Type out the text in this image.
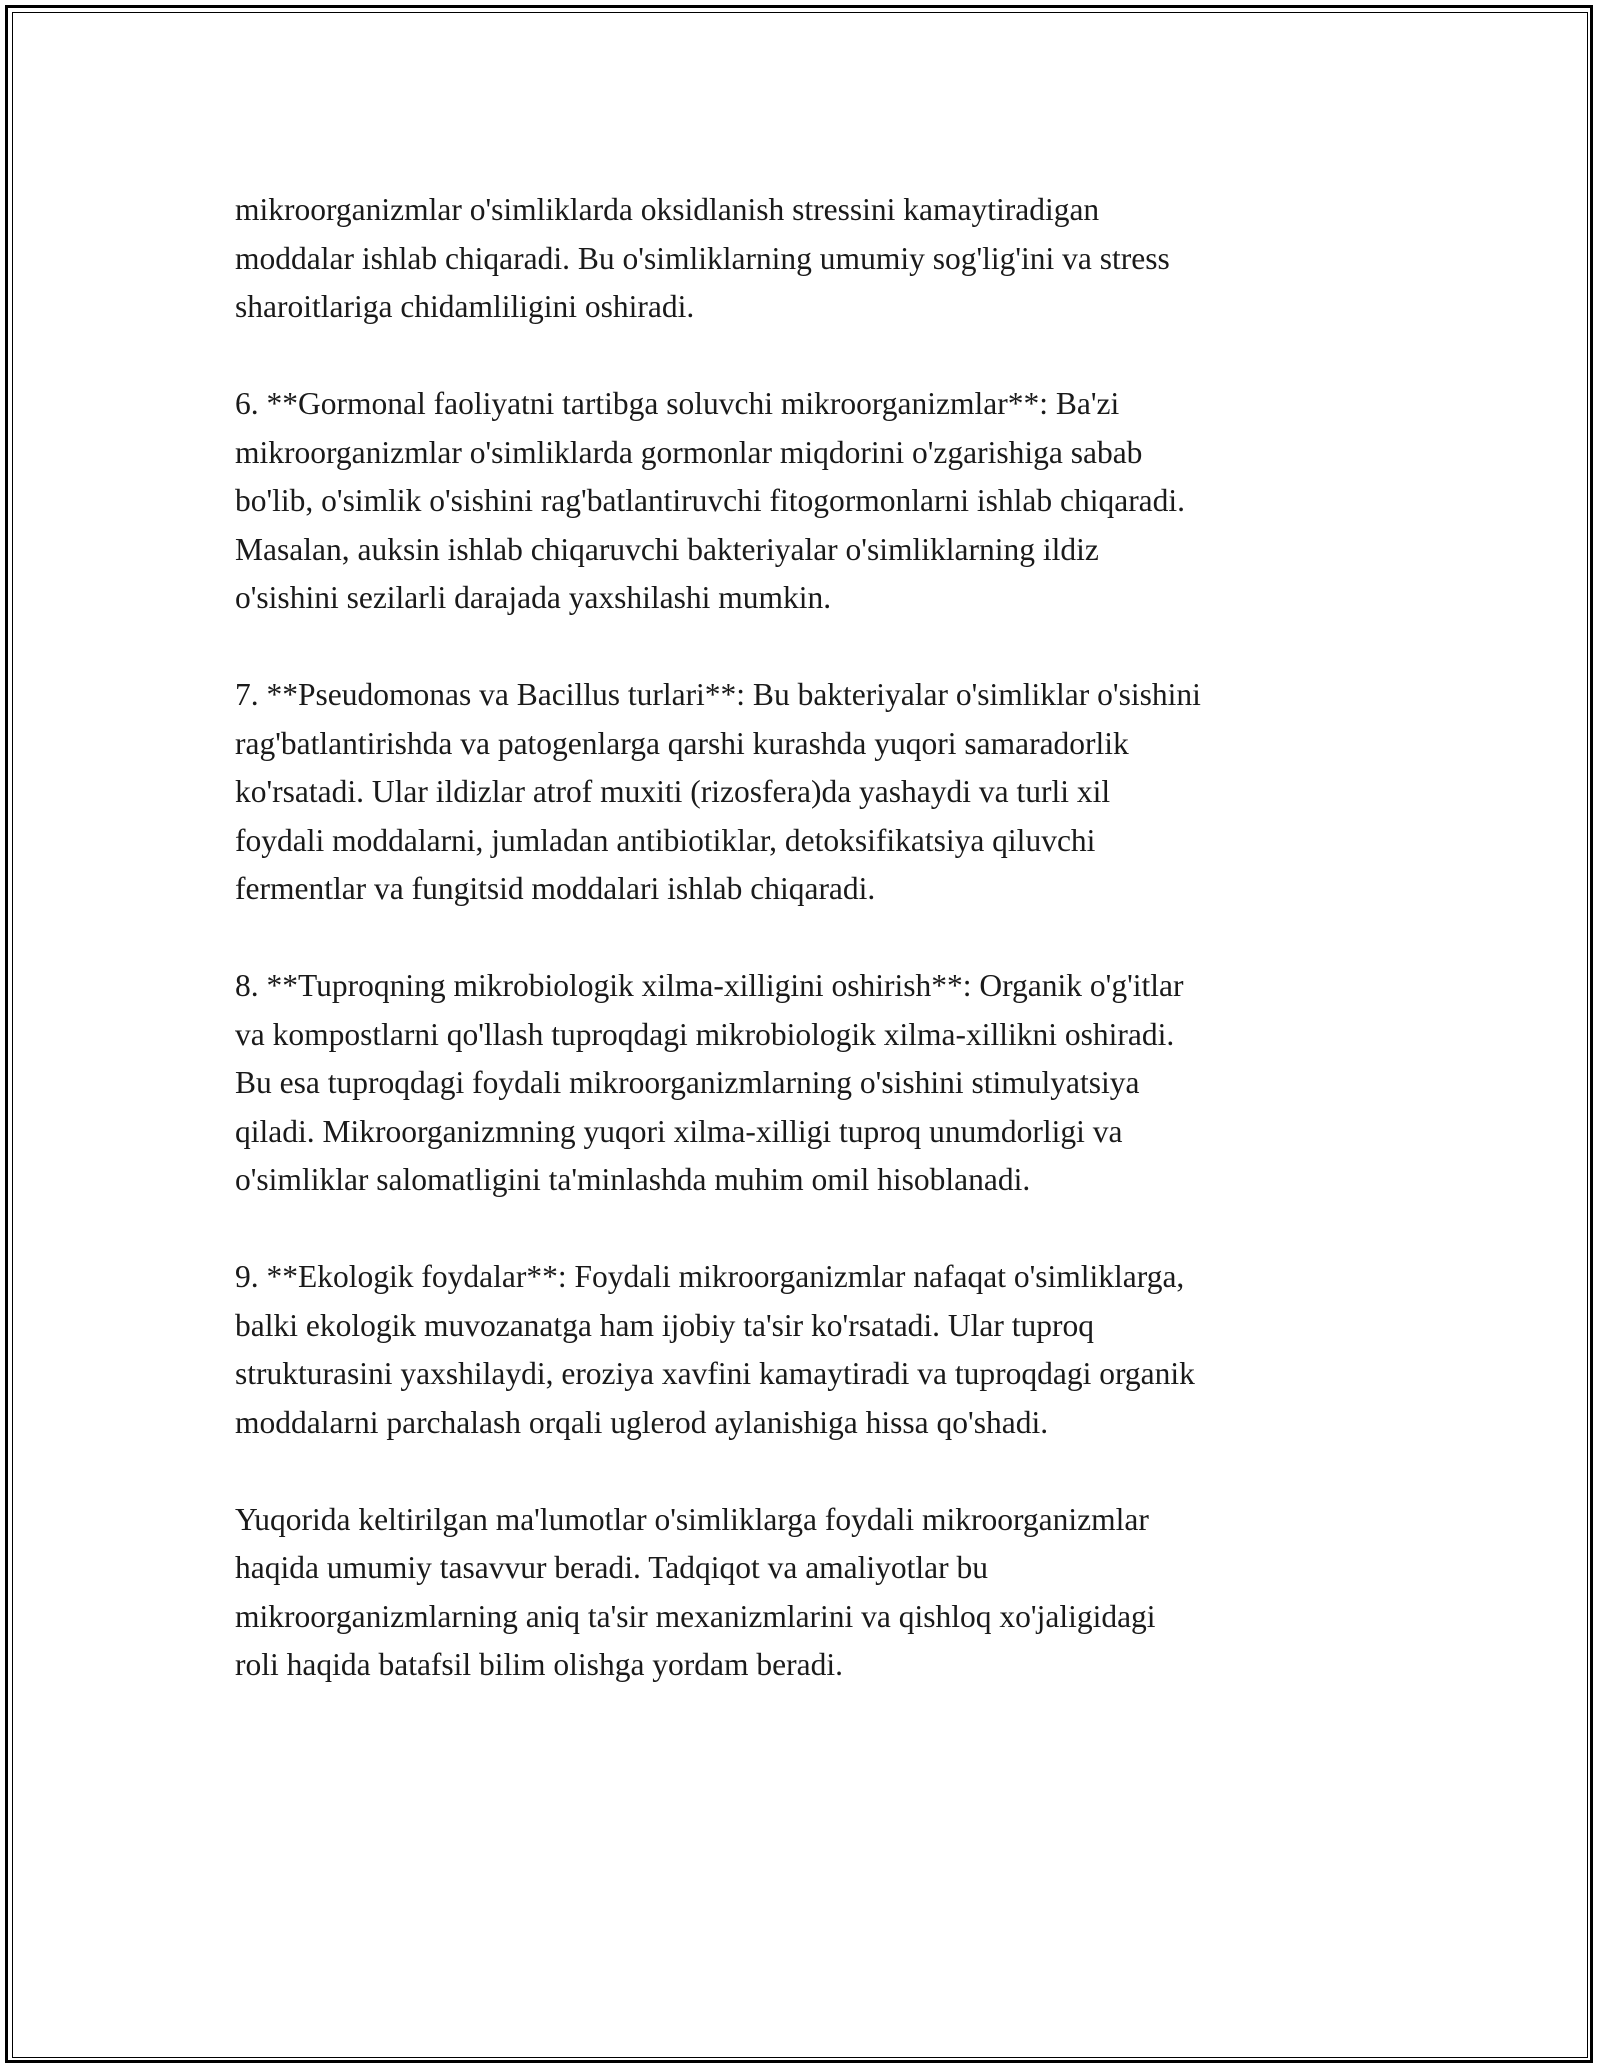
mikroorganizmlar o'simliklarda oksidlanish stressini kamaytiradigan
moddalar ishlab chiqaradi. Bu o'simliklarning umumiy sog'lig'ini va stress
sharoitlariga chidamliligini oshiradi.

6. **Gormonal faoliyatni tartibga soluvchi mikroorganizmlar**: Ba'zi
mikroorganizmlar o'simliklarda gormonlar miqdorini o'zgarishiga sabab
bo'lib, o'simlik o'sishini rag'batlantiruvchi fitogormonlarni ishlab chiqaradi.
Masalan, auksin ishlab chiqaruvchi bakteriyalar o'simliklarning ildiz
o'sishini sezilarli darajada yaxshilashi mumkin.

7. **Pseudomonas va Bacillus turlari**: Bu bakteriyalar o'simliklar o'sishini
rag'batlantirishda va patogenlarga qarshi kurashda yuqori samaradorlik
ko'rsatadi. Ular ildizlar atrof muxiti (rizosfera)da yashaydi va turli xil
foydali moddalarni, jumladan antibiotiklar, detoksifikatsiya qiluvchi
fermentlar va fungitsid moddalari ishlab chiqaradi.

8. **Tuproqning mikrobiologik xilma-xilligini oshirish**: Organik o'g'itlar
va kompostlarni qo'llash tuproqdagi mikrobiologik xilma-xillikni oshiradi.
Bu esa tuproqdagi foydali mikroorganizmlarning o'sishini stimulyatsiya
qiladi. Mikroorganizmning yuqori xilma-xilligi tuproq unumdorligi va
o'simliklar salomatligini ta'minlashda muhim omil hisoblanadi.

9. **Ekologik foydalar**: Foydali mikroorganizmlar nafaqat o'simliklarga,
balki ekologik muvozanatga ham ijobiy ta'sir ko'rsatadi. Ular tuproq
strukturasini yaxshilaydi, eroziya xavfini kamaytiradi va tuproqdagi organik
moddalarni parchalash orqali uglerod aylanishiga hissa qo'shadi.

Yuqorida keltirilgan ma'lumotlar o'simliklarga foydali mikroorganizmlar
haqida umumiy tasavvur beradi. Tadqiqot va amaliyotlar bu
mikroorganizmlarning aniq ta'sir mexanizmlarini va qishloq xo'jaligidagi
roli haqida batafsil bilim olishga yordam beradi.
